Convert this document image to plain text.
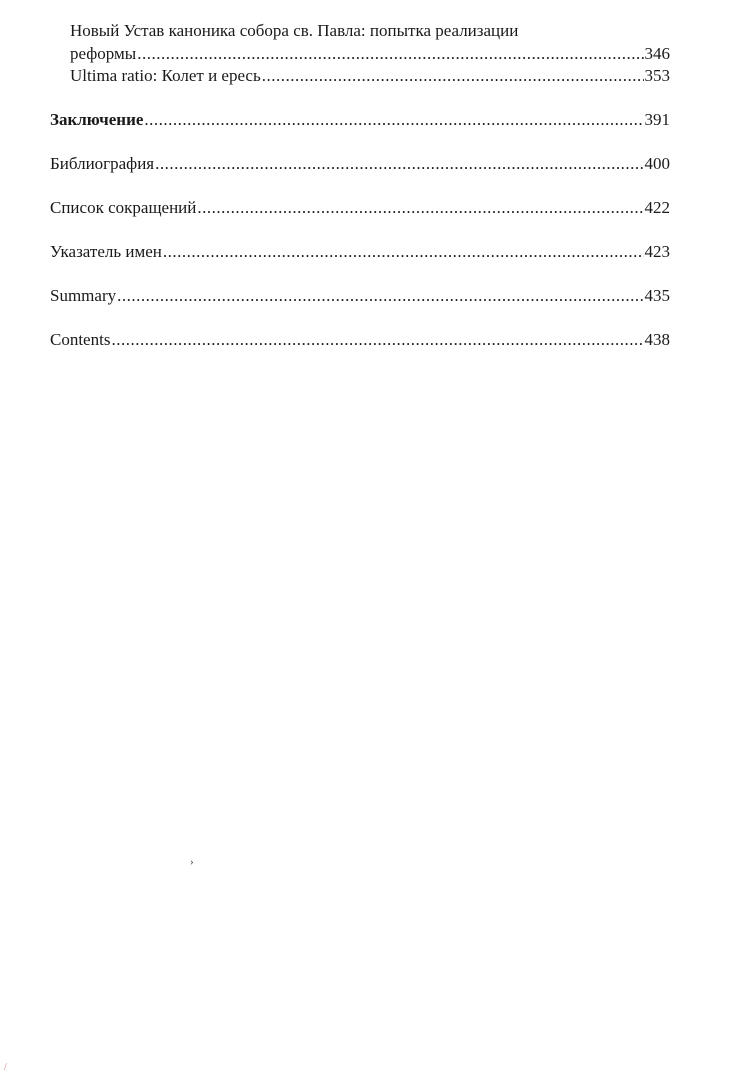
Новый Устав каноника собора св. Павла: попытка реализации
реформы .....	346
Ultima ratio: Колет и ересь .....	353
Заключение .....	391
Библиография .....	400
Список сокращений .....	422
Указатель имен .....	423
Summary .....	435
Contents .....	438
›
/
